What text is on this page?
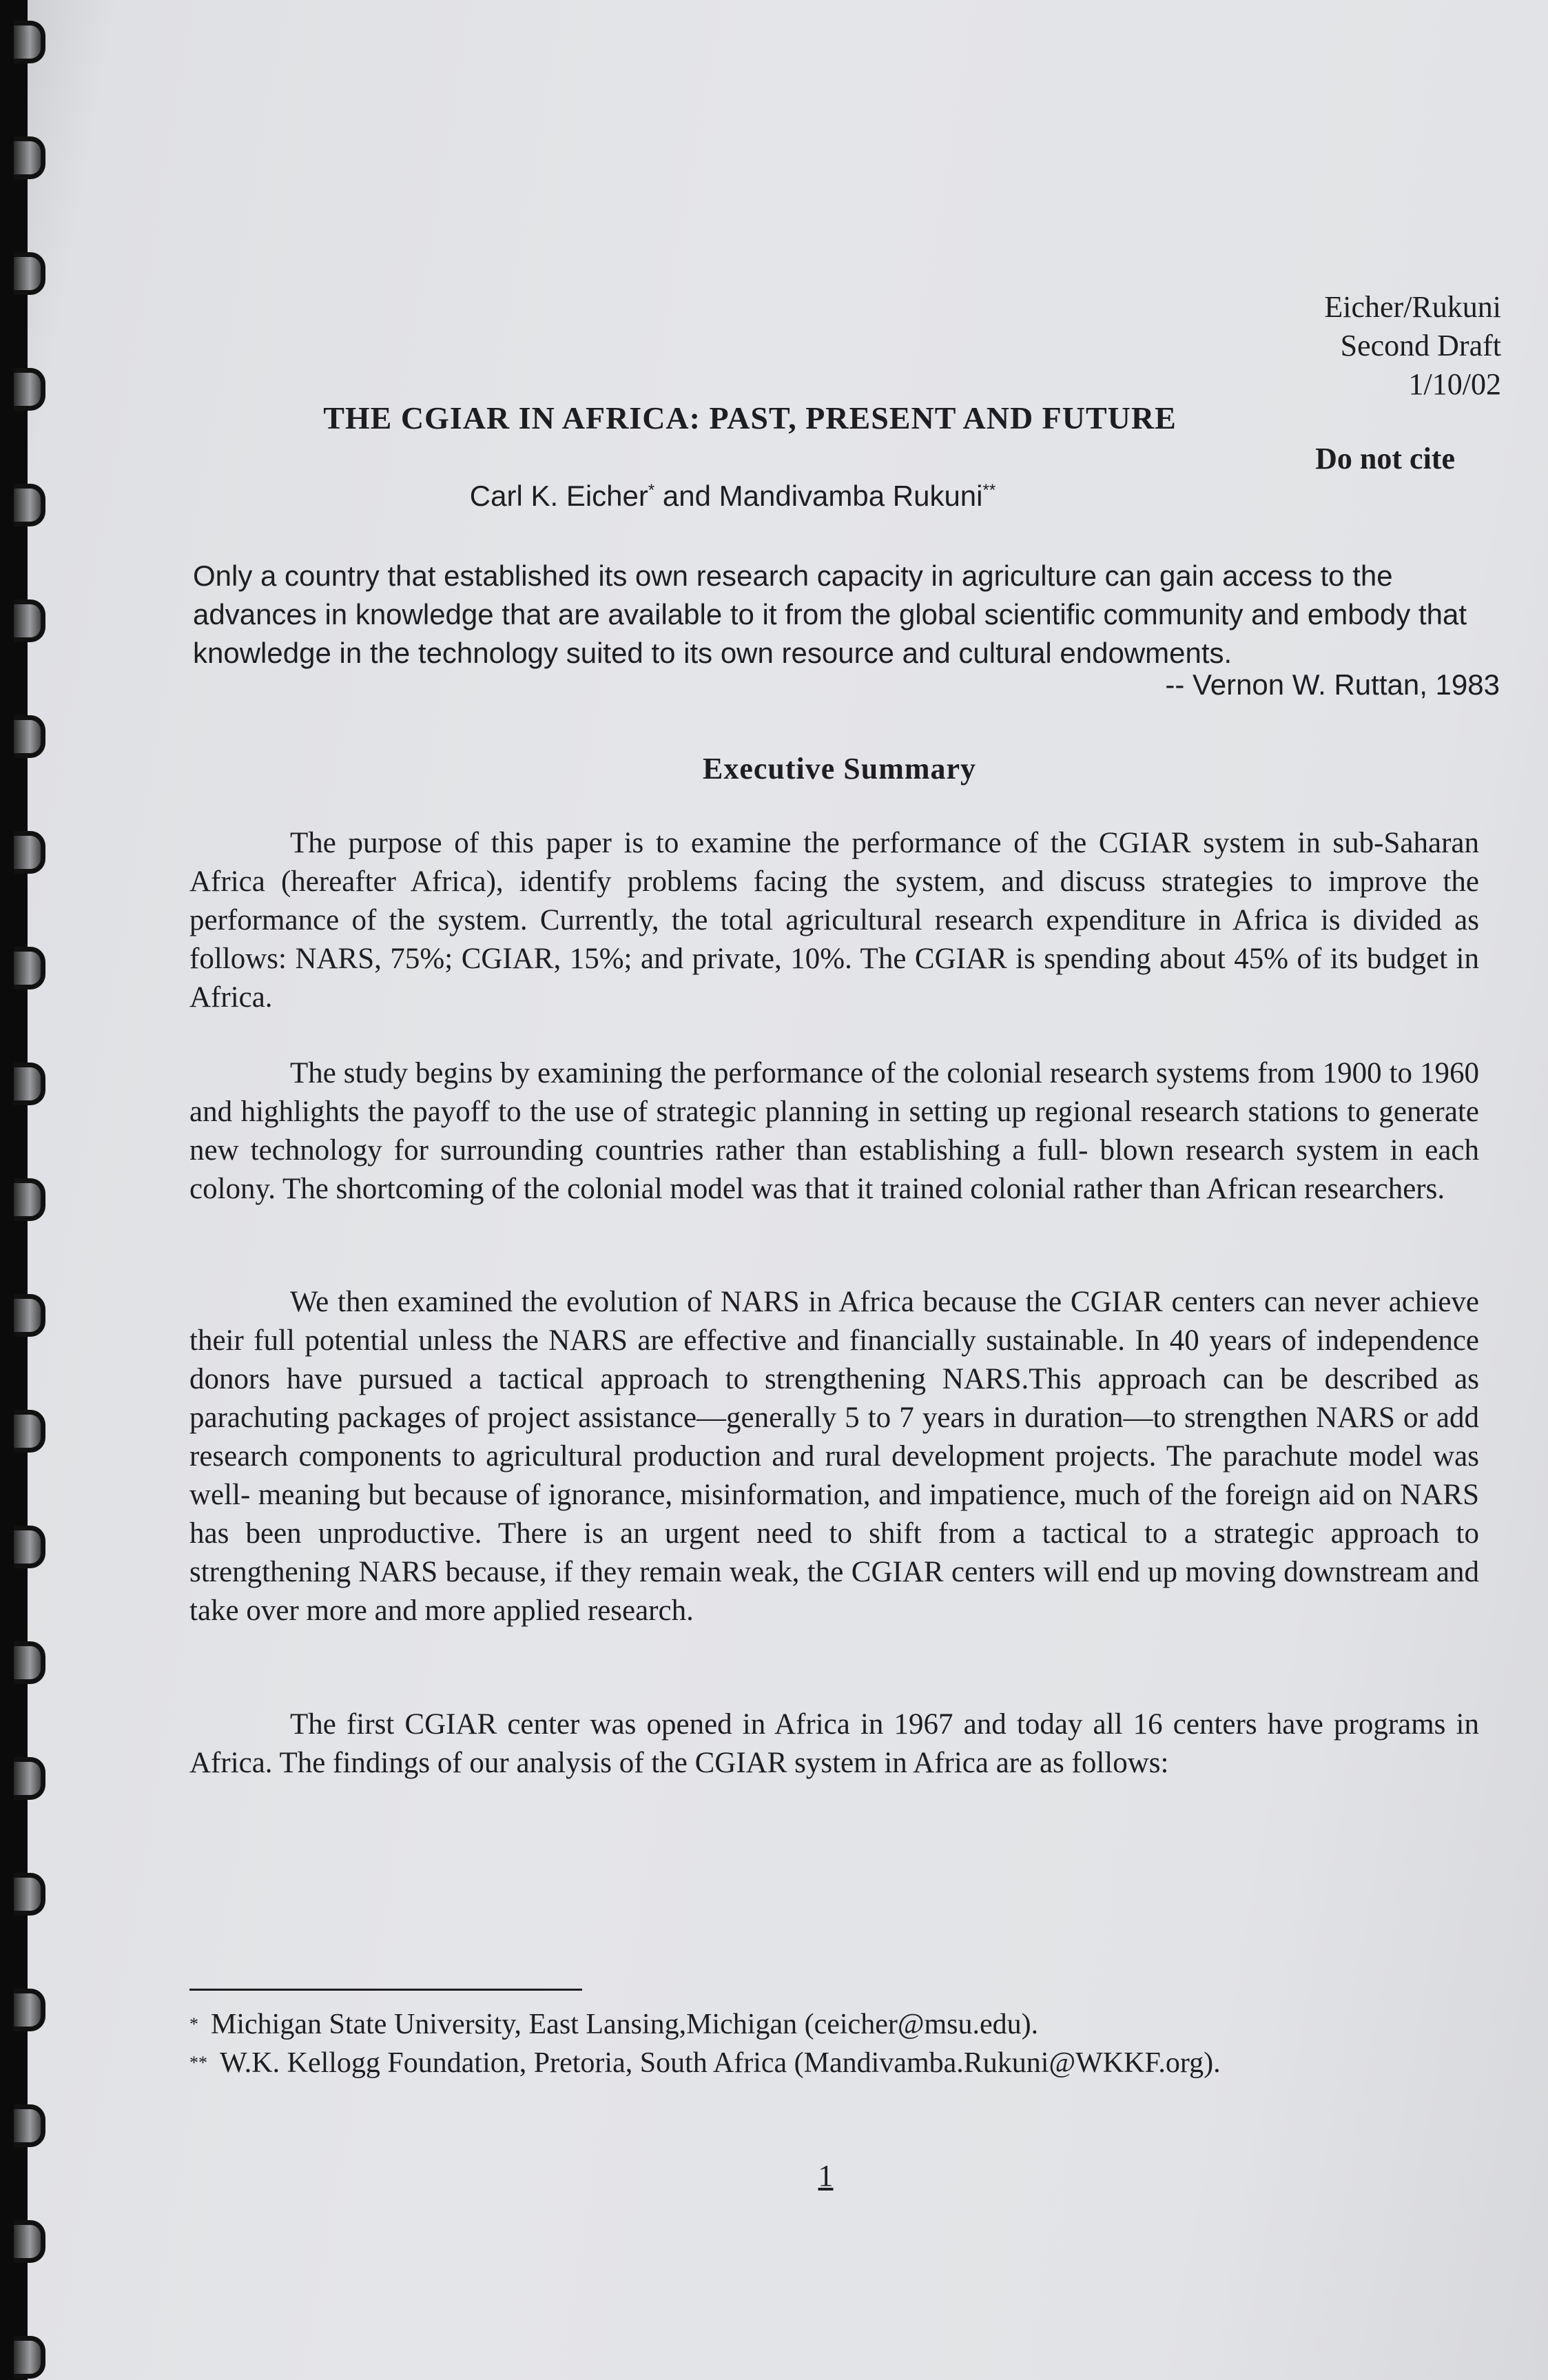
Eicher/Rukuni
Second Draft
1/10/02
THE CGIAR IN AFRICA: PAST, PRESENT AND FUTURE
Do not cite
Carl K. Eicher* and Mandivamba Rukuni**
Only a country that established its own research capacity in agriculture can gain access to the advances in knowledge that are available to it from the global scientific community and embody that knowledge in the technology suited to its own resource and cultural endowments.
-- Vernon W. Ruttan, 1983
Executive Summary

The purpose of this paper is to examine the performance of the CGIAR system in sub-Saharan Africa (hereafter Africa), identify problems facing the system, and discuss strategies to improve the performance of the system. Currently, the total agricultural research expenditure in Africa is divided as follows: NARS, 75%; CGIAR, 15%; and private, 10%. The CGIAR is spending about 45% of its budget in Africa.

The study begins by examining the performance of the colonial research systems from 1900 to 1960 and highlights the payoff to the use of strategic planning in setting up regional research stations to generate new technology for surrounding countries rather than establishing a full- blown research system in each colony. The shortcoming of the colonial model was that it trained colonial rather than African researchers.

We then examined the evolution of NARS in Africa because the CGIAR centers can never achieve their full potential unless the NARS are effective and financially sustainable. In 40 years of independence donors have pursued a tactical approach to strengthening NARS.This approach can be described as parachuting packages of project assistance—generally 5 to 7 years in duration—to strengthen NARS or add research components to agricultural production and rural development projects. The parachute model was well- meaning but because of ignorance, misinformation, and impatience, much of the foreign aid on NARS has been unproductive. There is an urgent need to shift from a tactical to a strategic approach to strengthening NARS because, if they remain weak, the CGIAR centers will end up moving downstream and take over more and more applied research.

The first CGIAR center was opened in Africa in 1967 and today all 16 centers have programs in Africa. The findings of our analysis of the CGIAR system in Africa are as follows:

* Michigan State University, East Lansing,Michigan (ceicher@msu.edu).
** W.K. Kellogg Foundation, Pretoria, South Africa (Mandivamba.Rukuni@WKKF.org).
1
